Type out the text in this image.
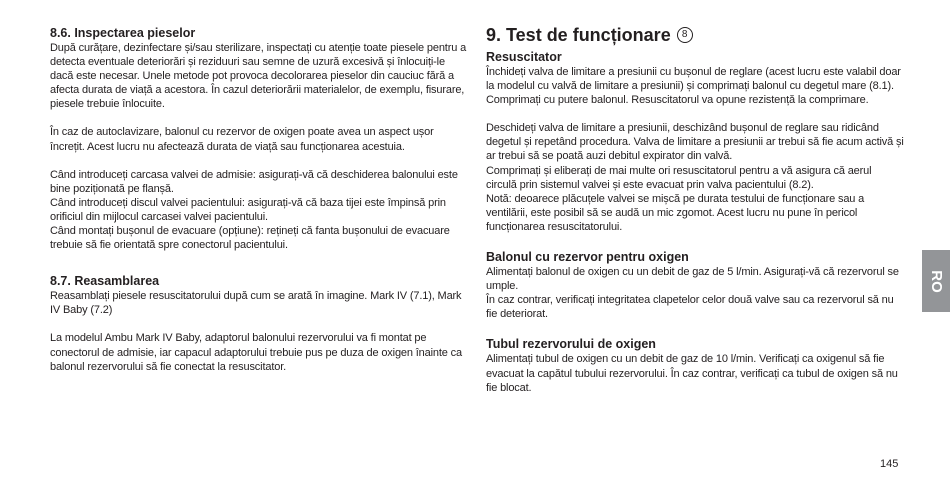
8.6. Inspectarea pieselor

După curățare, dezinfectare și/sau sterilizare, inspectați cu atenție toate piesele pentru a detecta eventuale deteriorări și reziduuri sau semne de uzură excesivă și înlocuiți-le dacă este necesar. Unele metode pot provoca decolorarea pieselor din cauciuc fără a afecta durata de viață a acestora. În cazul deteriorării materialelor, de exemplu, fisurare, piesele trebuie înlocuite.

În caz de autoclavizare, balonul cu rezervor de oxigen poate avea un aspect ușor încrețit. Acest lucru nu afectează durata de viață sau funcționarea acestuia.

Când introduceți carcasa valvei de admisie: asigurați-vă că deschiderea balonului este bine poziționată pe flanșă.

Când introduceți discul valvei pacientului: asigurați-vă că baza tijei este împinsă prin orificiul din mijlocul carcasei valvei pacientului.

Când montați bușonul de evacuare (opțiune): rețineți că fanta bușonului de evacuare trebuie să fie orientată spre conectorul pacientului.

8.7. Reasamblarea

Reasamblați piesele resuscitatorului după cum se arată în imagine. Mark IV (7.1), Mark IV Baby (7.2)

La modelul Ambu Mark IV Baby, adaptorul balonului rezervorului va fi montat pe conectorul de admisie, iar capacul adaptorului trebuie pus pe duza de oxigen înainte ca balonul rezervorului să fie conectat la resuscitator.

9. Test de funcționare	8
Resuscitator

Închideți valva de limitare a presiunii cu bușonul de reglare (acest lucru este valabil doar la modelul cu valvă de limitare a presiunii) și comprimați balonul cu degetul mare (8.1). Comprimați cu putere balonul. Resuscitatorul va opune rezistență la comprimare.

Deschideți valva de limitare a presiunii, deschizând bușonul de reglare sau ridicând degetul și repetând procedura. Valva de limitare a presiunii ar trebui să fie acum activă și ar trebui să se poată auzi debitul expirator din valvă.

Comprimați și eliberați de mai multe ori resuscitatorul pentru a vă asigura că aerul circulă prin sistemul valvei și este evacuat prin valva pacientului (8.2).

Notă: deoarece plăcuțele valvei se mișcă pe durata testului de funcționare sau a ventilării, este posibil să se audă un mic zgomot. Acest lucru nu pune în pericol funcționarea resuscitatorului.

Balonul cu rezervor pentru oxigen

Alimentați balonul de oxigen cu un debit de gaz de 5 l/min. Asigurați-vă că rezervorul se umple.

În caz contrar, verificați integritatea clapetelor celor două valve sau ca rezervorul să nu fie deteriorat.

Tubul rezervorului de oxigen

Alimentați tubul de oxigen cu un debit de gaz de 10 l/min. Verificați ca oxigenul să fie evacuat la capătul tubului rezervorului. În caz contrar, verificați ca tubul de oxigen să nu fie blocat.

RO
145
